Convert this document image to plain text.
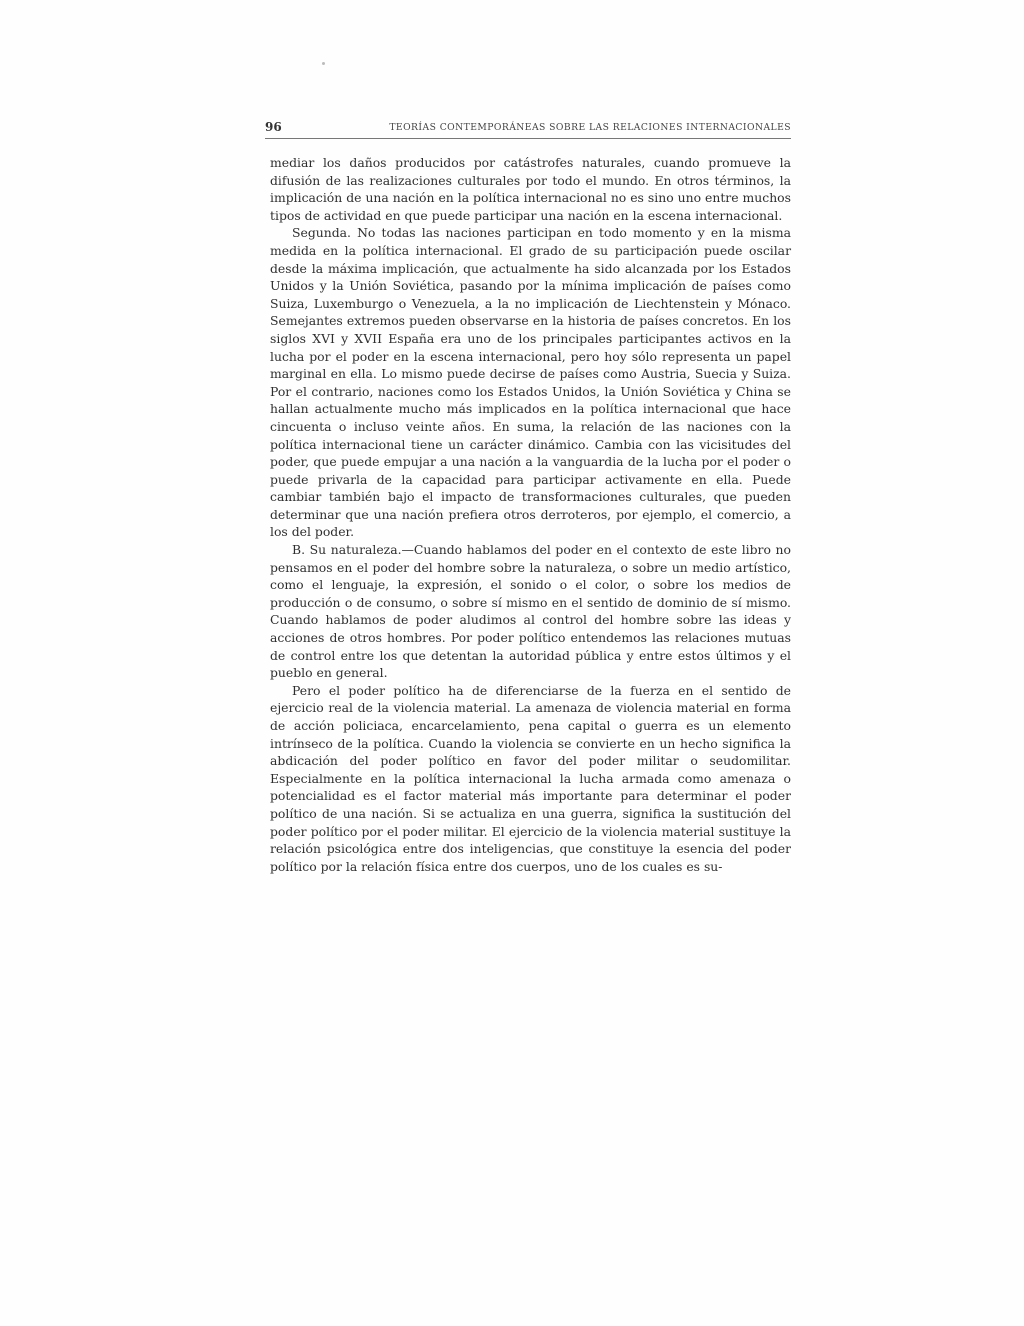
96	TEORÍAS CONTEMPORÁNEAS SOBRE LAS RELACIONES INTERNACIONALES

mediar los daños producidos por catástrofes naturales, cuando promueve la difusión de las realizaciones culturales por todo el mundo. En otros términos, la implicación de una nación en la política internacional no es sino uno entre muchos tipos de actividad en que puede participar una nación en la escena internacional.

Segunda. No todas las naciones participan en todo momento y en la misma medida en la política internacional. El grado de su participación puede oscilar desde la máxima implicación, que actualmente ha sido alcanzada por los Estados Unidos y la Unión Soviética, pasando por la mínima implicación de países como Suiza, Luxemburgo o Venezuela, a la no implicación de Liechtenstein y Mónaco. Semejantes extremos pueden observarse en la historia de países concretos. En los siglos XVI y XVII España era uno de los principales participantes activos en la lucha por el poder en la escena internacional, pero hoy sólo representa un papel marginal en ella. Lo mismo puede decirse de países como Austria, Suecia y Suiza. Por el contrario, naciones como los Estados Unidos, la Unión Soviética y China se hallan actualmente mucho más implicados en la política internacional que hace cincuenta o incluso veinte años. En suma, la relación de las naciones con la política internacional tiene un carácter dinámico. Cambia con las vicisitudes del poder, que puede empujar a una nación a la vanguardia de la lucha por el poder o puede privarla de la capacidad para participar activamente en ella. Puede cambiar también bajo el impacto de transformaciones culturales, que pueden determinar que una nación prefiera otros derroteros, por ejemplo, el comercio, a los del poder.

B. Su naturaleza.—Cuando hablamos del poder en el contexto de este libro no pensamos en el poder del hombre sobre la naturaleza, o sobre un medio artístico, como el lenguaje, la expresión, el sonido o el color, o sobre los medios de producción o de consumo, o sobre sí mismo en el sentido de dominio de sí mismo. Cuando hablamos de poder aludimos al control del hombre sobre las ideas y acciones de otros hombres. Por poder político entendemos las relaciones mutuas de control entre los que detentan la autoridad pública y entre estos últimos y el pueblo en general.

Pero el poder político ha de diferenciarse de la fuerza en el sentido de ejercicio real de la violencia material. La amenaza de violencia material en forma de acción policiaca, encarcelamiento, pena capital o guerra es un elemento intrínseco de la política. Cuando la violencia se convierte en un hecho significa la abdicación del poder político en favor del poder militar o seudomilitar. Especialmente en la política internacional la lucha armada como amenaza o potencialidad es el factor material más importante para determinar el poder político de una nación. Si se actualiza en una guerra, significa la sustitución del poder político por el poder militar. El ejercicio de la violencia material sustituye la relación psicológica entre dos inteligencias, que constituye la esencia del poder político por la relación física entre dos cuerpos, uno de los cuales es su-
